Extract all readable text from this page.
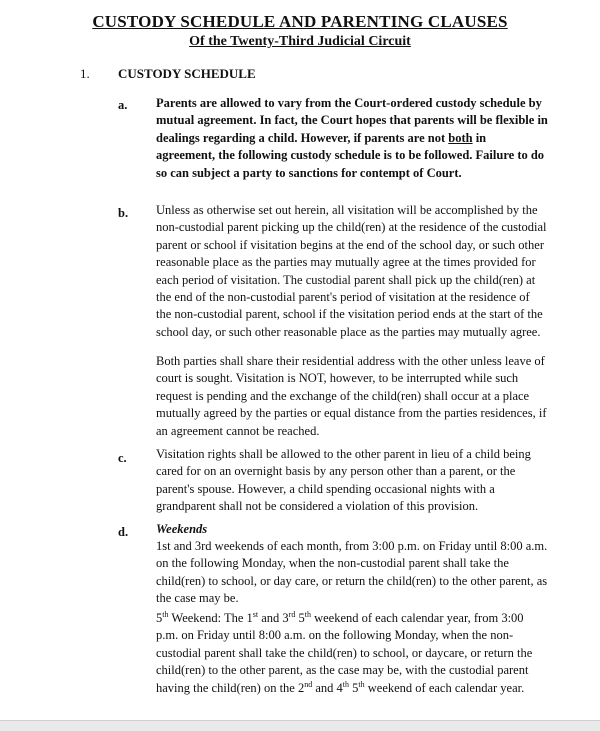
CUSTODY SCHEDULE AND PARENTING CLAUSES
Of the Twenty-Third Judicial Circuit
1. CUSTODY SCHEDULE
a. Parents are allowed to vary from the Court-ordered custody schedule by mutual agreement. In fact, the Court hopes that parents will be flexible in dealings regarding a child. However, if parents are not both in agreement, the following custody schedule is to be followed. Failure to do so can subject a party to sanctions for contempt of Court.
b. Unless as otherwise set out herein, all visitation will be accomplished by the non-custodial parent picking up the child(ren) at the residence of the custodial parent or school if visitation begins at the end of the school day, or such other reasonable place as the parties may mutually agree at the times provided for each period of visitation. The custodial parent shall pick up the child(ren) at the end of the non-custodial parent's period of visitation at the residence of the non-custodial parent, school if the visitation period ends at the start of the school day, or such other reasonable place as the parties may mutually agree.
Both parties shall share their residential address with the other unless leave of court is sought. Visitation is NOT, however, to be interrupted while such request is pending and the exchange of the child(ren) shall occur at a place mutually agreed by the parties or equal distance from the parties residences, if an agreement cannot be reached.
c. Visitation rights shall be allowed to the other parent in lieu of a child being cared for on an overnight basis by any person other than a parent, or the parent's spouse. However, a child spending occasional nights with a grandparent shall not be considered a violation of this provision.
d. Weekends
1st and 3rd weekends of each month, from 3:00 p.m. on Friday until 8:00 a.m. on the following Monday, when the non-custodial parent shall take the child(ren) to school, or day care, or return the child(ren) to the other parent, as the case may be.
5th Weekend: The 1st and 3rd 5th weekend of each calendar year, from 3:00 p.m. on Friday until 8:00 a.m. on the following Monday, when the non-custodial parent shall take the child(ren) to school, or daycare, or return the child(ren) to the other parent, as the case may be, with the custodial parent having the child(ren) on the 2nd and 4th 5th weekend of each calendar year.
